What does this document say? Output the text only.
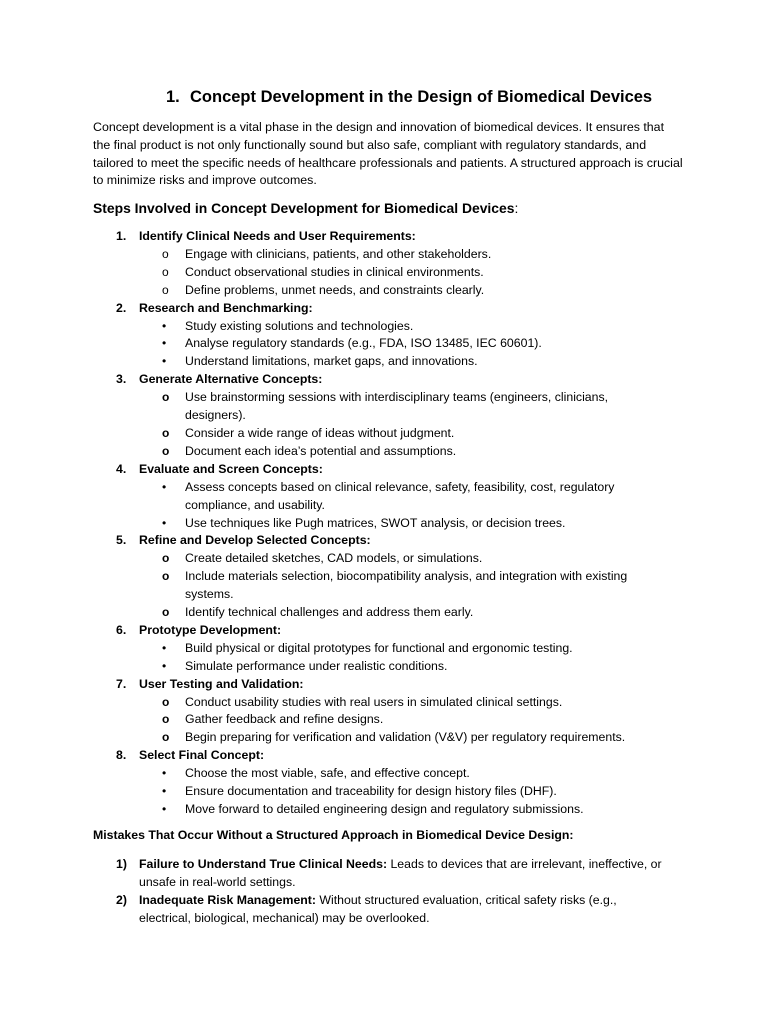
1. Concept Development in the Design of Biomedical Devices
Concept development is a vital phase in the design and innovation of biomedical devices. It ensures that the final product is not only functionally sound but also safe, compliant with regulatory standards, and tailored to meet the specific needs of healthcare professionals and patients. A structured approach is crucial to minimize risks and improve outcomes.
Steps Involved in Concept Development for Biomedical Devices:
1. Identify Clinical Needs and User Requirements:
o	Engage with clinicians, patients, and other stakeholders.
o	Conduct observational studies in clinical environments.
o	Define problems, unmet needs, and constraints clearly.
2. Research and Benchmarking:
•	Study existing solutions and technologies.
•	Analyse regulatory standards (e.g., FDA, ISO 13485, IEC 60601).
•	Understand limitations, market gaps, and innovations.
3. Generate Alternative Concepts:
o	Use brainstorming sessions with interdisciplinary teams (engineers, clinicians, designers).
o	Consider a wide range of ideas without judgment.
o	Document each idea’s potential and assumptions.
4. Evaluate and Screen Concepts:
•	Assess concepts based on clinical relevance, safety, feasibility, cost, regulatory compliance, and usability.
•	Use techniques like Pugh matrices, SWOT analysis, or decision trees.
5. Refine and Develop Selected Concepts:
o	Create detailed sketches, CAD models, or simulations.
o	Include materials selection, biocompatibility analysis, and integration with existing systems.
o	Identify technical challenges and address them early.
6. Prototype Development:
•	Build physical or digital prototypes for functional and ergonomic testing.
•	Simulate performance under realistic conditions.
7. User Testing and Validation:
o	Conduct usability studies with real users in simulated clinical settings.
o	Gather feedback and refine designs.
o	Begin preparing for verification and validation (V&V) per regulatory requirements.
8. Select Final Concept:
•	Choose the most viable, safe, and effective concept.
•	Ensure documentation and traceability for design history files (DHF).
•	Move forward to detailed engineering design and regulatory submissions.
Mistakes That Occur Without a Structured Approach in Biomedical Device Design:
1) Failure to Understand True Clinical Needs: Leads to devices that are irrelevant, ineffective, or unsafe in real-world settings.
2) Inadequate Risk Management: Without structured evaluation, critical safety risks (e.g., electrical, biological, mechanical) may be overlooked.
